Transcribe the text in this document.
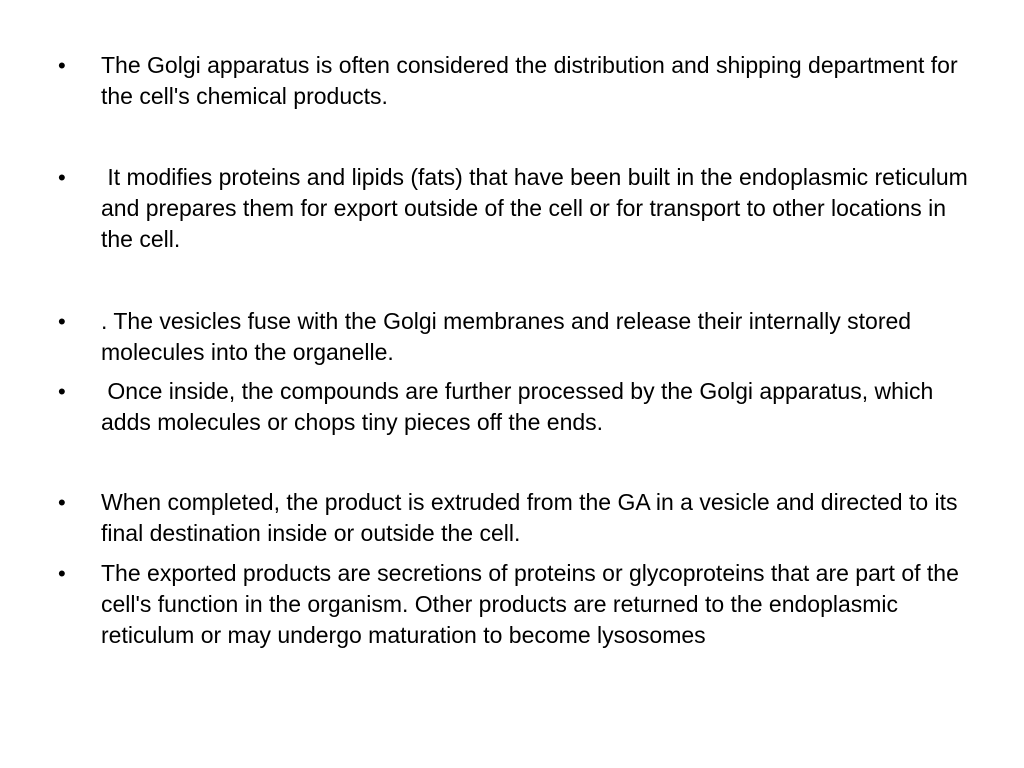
• The Golgi apparatus is often considered the distribution and shipping department for the cell's chemical products.
• It modifies proteins and lipids (fats) that have been built in the endoplasmic reticulum and prepares them for export outside of the cell or for transport to other locations in the cell.
• . The vesicles fuse with the Golgi membranes and release their internally stored molecules into the organelle.
• Once inside, the compounds are further processed by the Golgi apparatus, which adds molecules or chops tiny pieces off the ends.
• When completed, the product is extruded from the GA in a vesicle and directed to its final destination inside or outside the cell.
• The exported products are secretions of proteins or glycoproteins that are part of the cell's function in the organism. Other products are returned to the endoplasmic reticulum or may undergo maturation to become lysosomes
